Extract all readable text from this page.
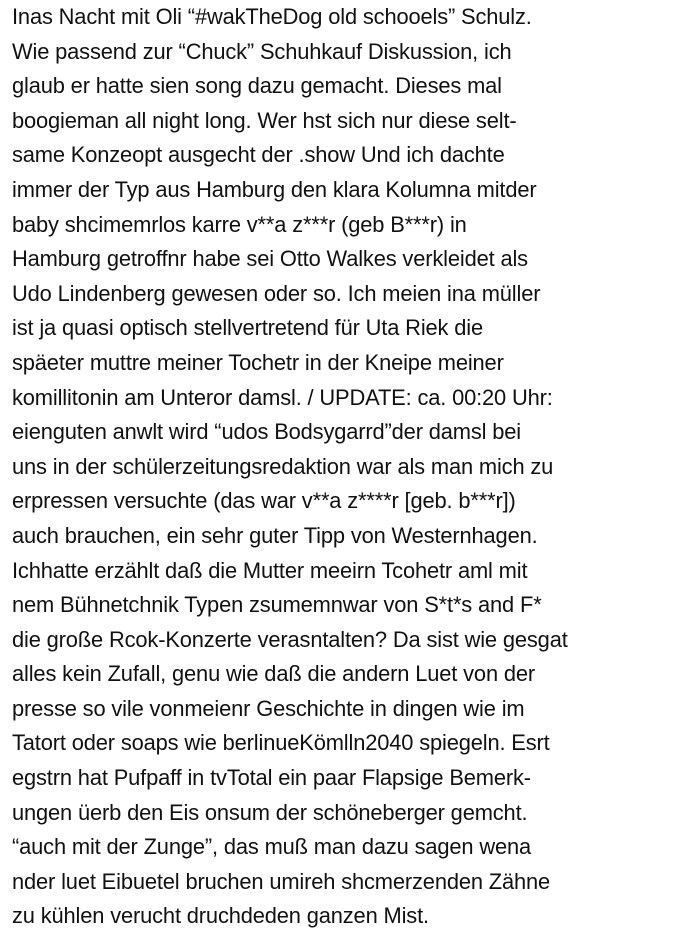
Inas Nacht mit Oli “#wakTheDog old schooels” Schulz.
Wie passend zur “Chuck” Schuhkauf Diskussion, ich
glaub er hatte sien song dazu gemacht. Dieses mal
boogieman all night long. Wer hst sich nur diese selt-
same Konzeopt ausgecht der .show Und ich dachte
immer der Typ aus Hamburg den klara Kolumna mitder
baby shcimemrlos karre v**a z***r (geb B***r) in
Hamburg getroffnr habe sei Otto Walkes verkleidet als
Udo Lindenberg gewesen oder so. Ich meien ina müller
ist ja quasi optisch stellvertretend für Uta Riek die
späeter muttre meiner Tochetr in der Kneipe meiner
komillitonin am Unteror damsl. / UPDATE: ca. 00:20 Uhr:
eienguten anwlt wird “udos Bodsygarrd”der damsl bei
uns in der schülerzeitungsredaktion war als man mich zu
erpressen versuchte (das war v**a z****r [geb. b***r])
auch brauchen, ein sehr guter Tipp von Westernhagen.
Ichhatte erzählt daß die Mutter meeirn Tcohetr aml mit
nem Bühnetchnik Typen zsumemnwar von S*t*s and F*
die große Rcok-Konzerte verasntalten? Da sist wie gesgat
alles kein Zufall, genu wie daß die andern Luet von der
presse so vile vonmeienr Geschichte in dingen wie im
Tatort oder soaps wie berlinueKömlln2040 spiegeln. Esrt
egstrn hat Pufpaff in tvTotal ein paar Flapsige Bemerk-
ungen üerb den Eis onsum der schöneberger gemcht.
“auch mit der Zunge”, das muß man dazu sagen wena
nder luet Eibuetel bruchen umireh shcmerzenden Zähne
zu kühlen verucht druchdeden ganzen Mist.
